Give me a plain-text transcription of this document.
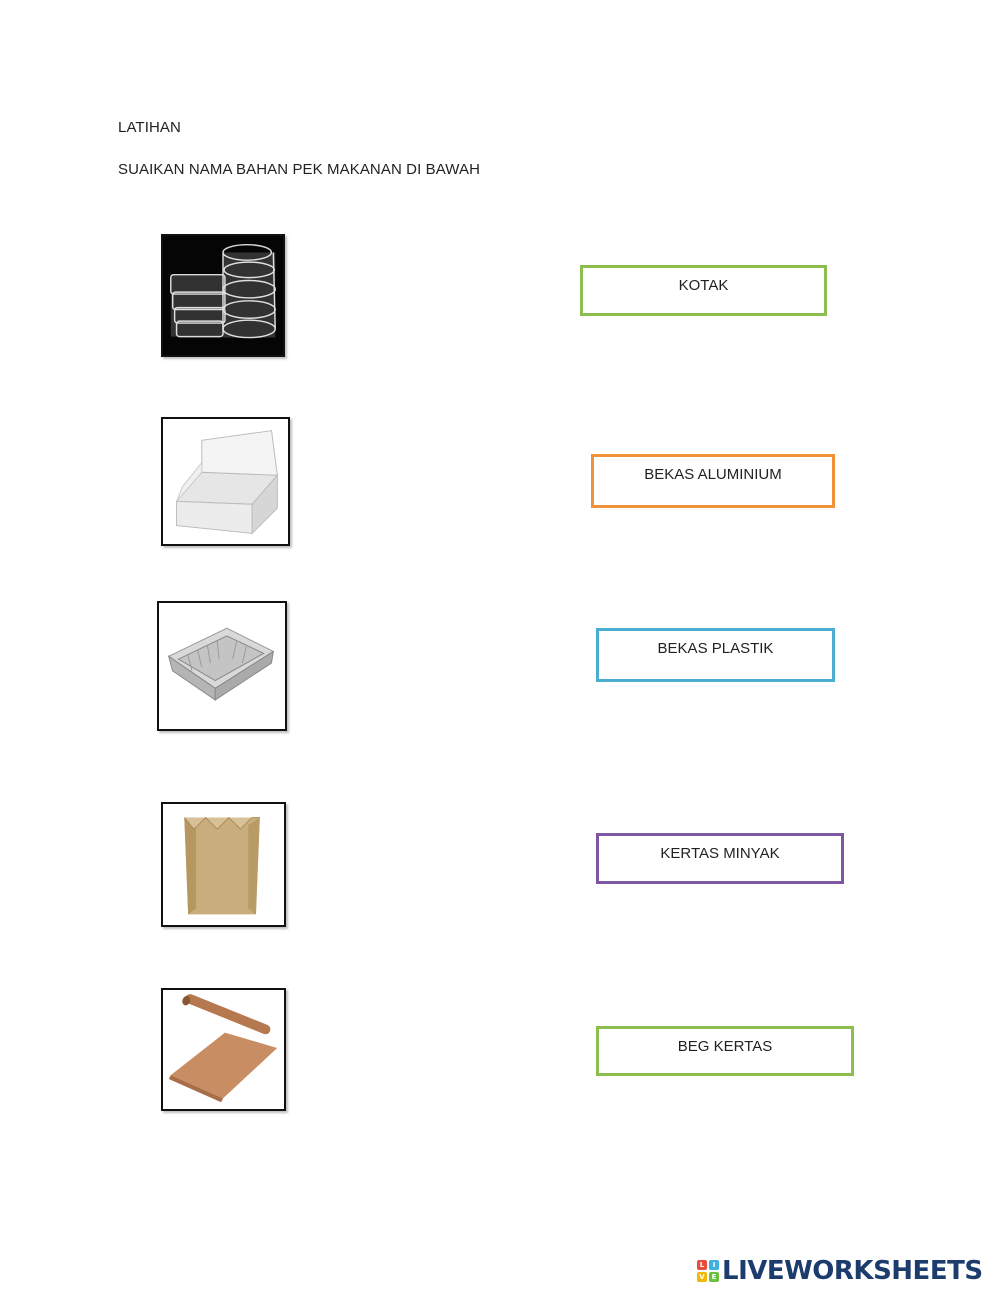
LATIHAN
SUAIKAN NAMA BAHAN PEK MAKANAN DI BAWAH
KOTAK
BEKAS ALUMINIUM
BEKAS PLASTIK
KERTAS MINYAK
BEG KERTAS
L	I
V E LIVEWORKSHEETS
